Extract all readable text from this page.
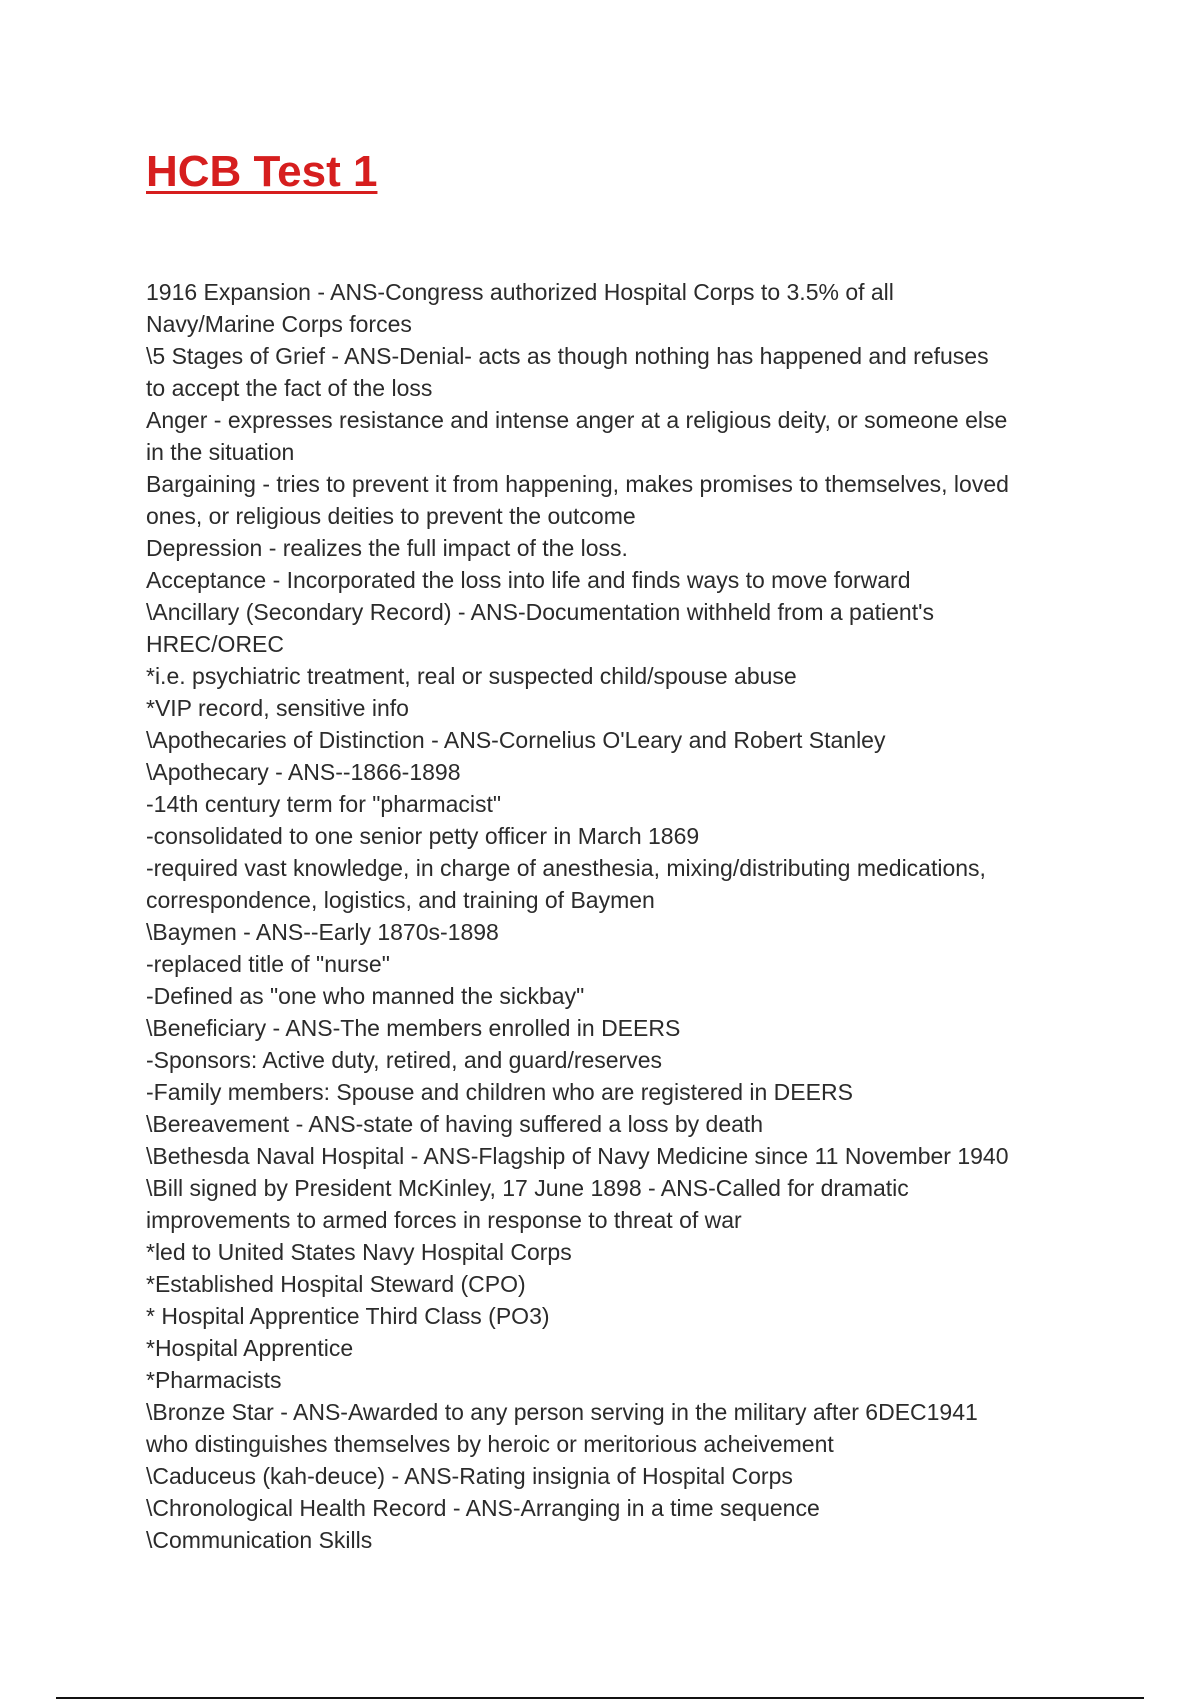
HCB Test 1
1916 Expansion - ANS-Congress authorized Hospital Corps to 3.5% of all
Navy/Marine Corps forces
\5 Stages of Grief - ANS-Denial- acts as though nothing has happened and refuses
to accept the fact of the loss
Anger - expresses resistance and intense anger at a religious deity, or someone else
in the situation
Bargaining - tries to prevent it from happening, makes promises to themselves, loved
ones, or religious deities to prevent the outcome
Depression - realizes the full impact of the loss.
Acceptance - Incorporated the loss into life and finds ways to move forward
\Ancillary (Secondary Record) - ANS-Documentation withheld from a patient's
HREC/OREC
*i.e. psychiatric treatment, real or suspected child/spouse abuse
*VIP record, sensitive info
\Apothecaries of Distinction - ANS-Cornelius O'Leary and Robert Stanley
\Apothecary - ANS--1866-1898
-14th century term for "pharmacist"
-consolidated to one senior petty officer in March 1869
-required vast knowledge, in charge of anesthesia, mixing/distributing medications,
correspondence, logistics, and training of Baymen
\Baymen - ANS--Early 1870s-1898
-replaced title of "nurse"
-Defined as "one who manned the sickbay"
\Beneficiary - ANS-The members enrolled in DEERS
-Sponsors: Active duty, retired, and guard/reserves
-Family members: Spouse and children who are registered in DEERS
\Bereavement - ANS-state of having suffered a loss by death
\Bethesda Naval Hospital - ANS-Flagship of Navy Medicine since 11 November 1940
\Bill signed by President McKinley, 17 June 1898 - ANS-Called for dramatic
improvements to armed forces in response to threat of war
*led to United States Navy Hospital Corps
*Established Hospital Steward (CPO)
* Hospital Apprentice Third Class (PO3)
*Hospital Apprentice
*Pharmacists
\Bronze Star - ANS-Awarded to any person serving in the military after 6DEC1941
who distinguishes themselves by heroic or meritorious acheivement
\Caduceus (kah-deuce) - ANS-Rating insignia of Hospital Corps
\Chronological Health Record - ANS-Arranging in a time sequence
\Communication Skills
